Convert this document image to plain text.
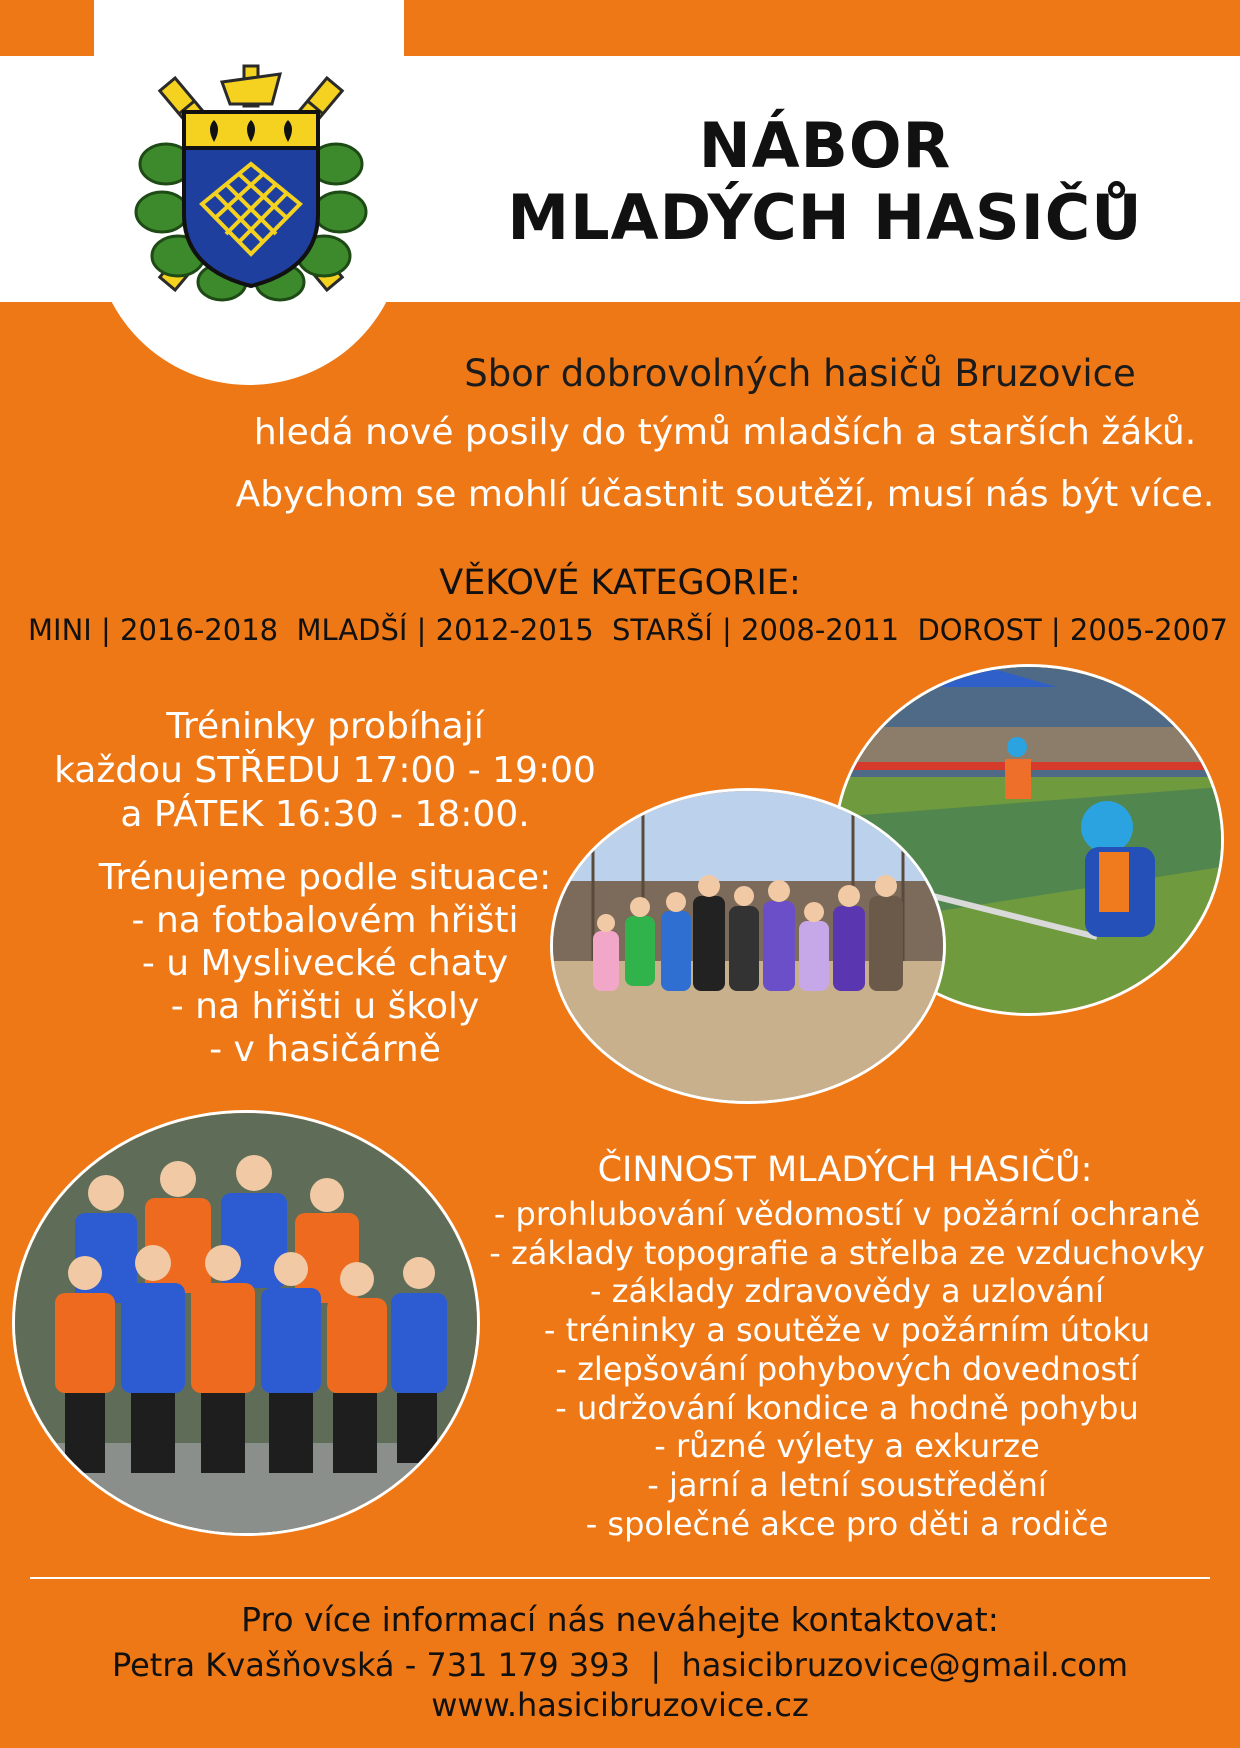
NÁBOR
MLADÝCH HASIČŮ
Sbor dobrovolných hasičů Bruzovice
hledá nové posily do týmů mladších a starších žáků.
Abychom se mohlí účastnit soutěží, musí nás být více.
VĚKOVÉ KATEGORIE:
MINI | 2016-2018 MLADŠÍ | 2012-2015 STARŠÍ | 2008-2011 DOROST | 2005-2007
Tréninky probíhají
každou STŘEDU 17:00 - 19:00
a PÁTEK 16:30 - 18:00.
Trénujeme podle situace:
- na fotbalovém hřišti
- u Myslivecké chaty
- na hřišti u školy
- v hasičárně
ČINNOST MLADÝCH HASIČŮ:
- prohlubování vědomostí v požární ochraně
- základy topografie a střelba ze vzduchovky
- základy zdravovědy a uzlování
- tréninky a soutěže v požárním útoku
- zlepšování pohybových dovedností
- udržování kondice a hodně pohybu
- různé výlety a exkurze
- jarní a letní soustředění
- společné akce pro děti a rodiče
Pro více informací nás neváhejte kontaktovat:
Petra Kvašňovská - 731 179 393 | hasicibruzovice@gmail.com
www.hasicibruzovice.cz
